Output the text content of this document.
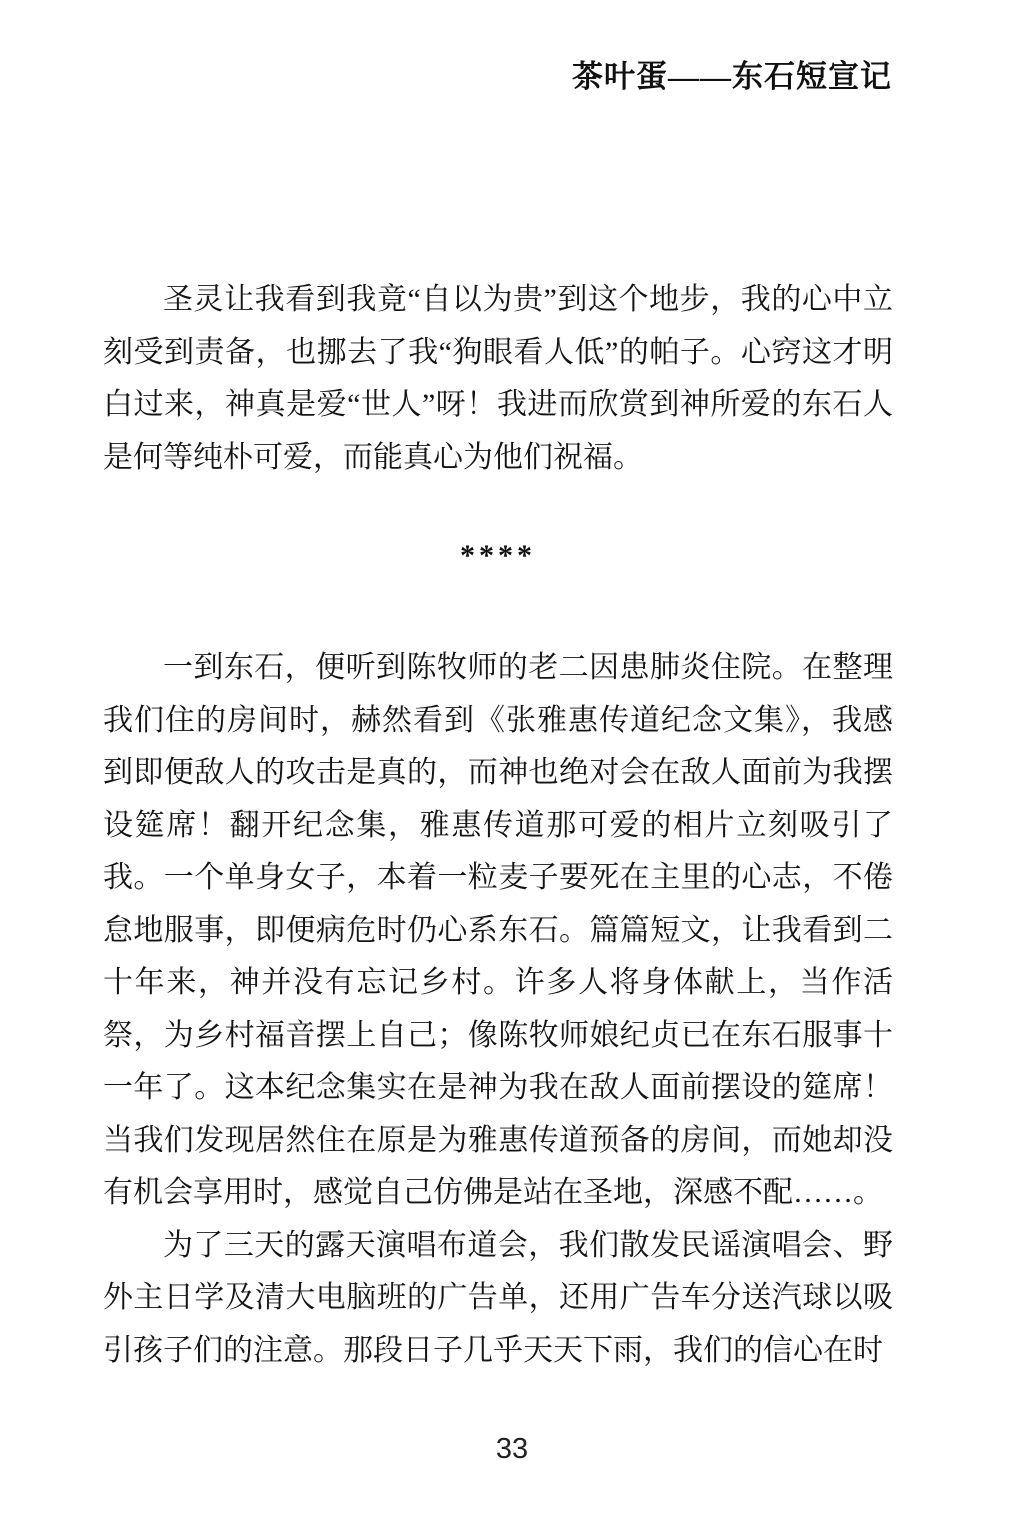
茶叶蛋——东石短宣记

圣灵让我看到我竟“自以为贵”到这个地步，我的心中立刻受到责备，也挪去了我“狗眼看人低”的帕子。心窍这才明白过来，神真是爱“世人”呀！我进而欣赏到神所爱的东石人是何等纯朴可爱，而能真心为他们祝福。

****

一到东石，便听到陈牧师的老二因患肺炎住院。在整理我们住的房间时，赫然看到《张雅惠传道纪念文集》，我感到即便敌人的攻击是真的，而神也绝对会在敌人面前为我摆设筵席！翻开纪念集，雅惠传道那可爱的相片立刻吸引了我。一个单身女子，本着一粒麦子要死在主里的心志，不倦怠地服事，即便病危时仍心系东石。篇篇短文，让我看到二十年来，神并没有忘记乡村。许多人将身体献上，当作活祭，为乡村福音摆上自己；像陈牧师娘纪贞已在东石服事十一年了。这本纪念集实在是神为我在敌人面前摆设的筵席！当我们发现居然住在原是为雅惠传道预备的房间，而她却没有机会享用时，感觉自己仿佛是站在圣地，深感不配……。

为了三天的露天演唱布道会，我们散发民谣演唱会、野外主日学及清大电脑班的广告单，还用广告车分送汽球以吸引孩子们的注意。那段日子几乎天天下雨，我们的信心在时

33
